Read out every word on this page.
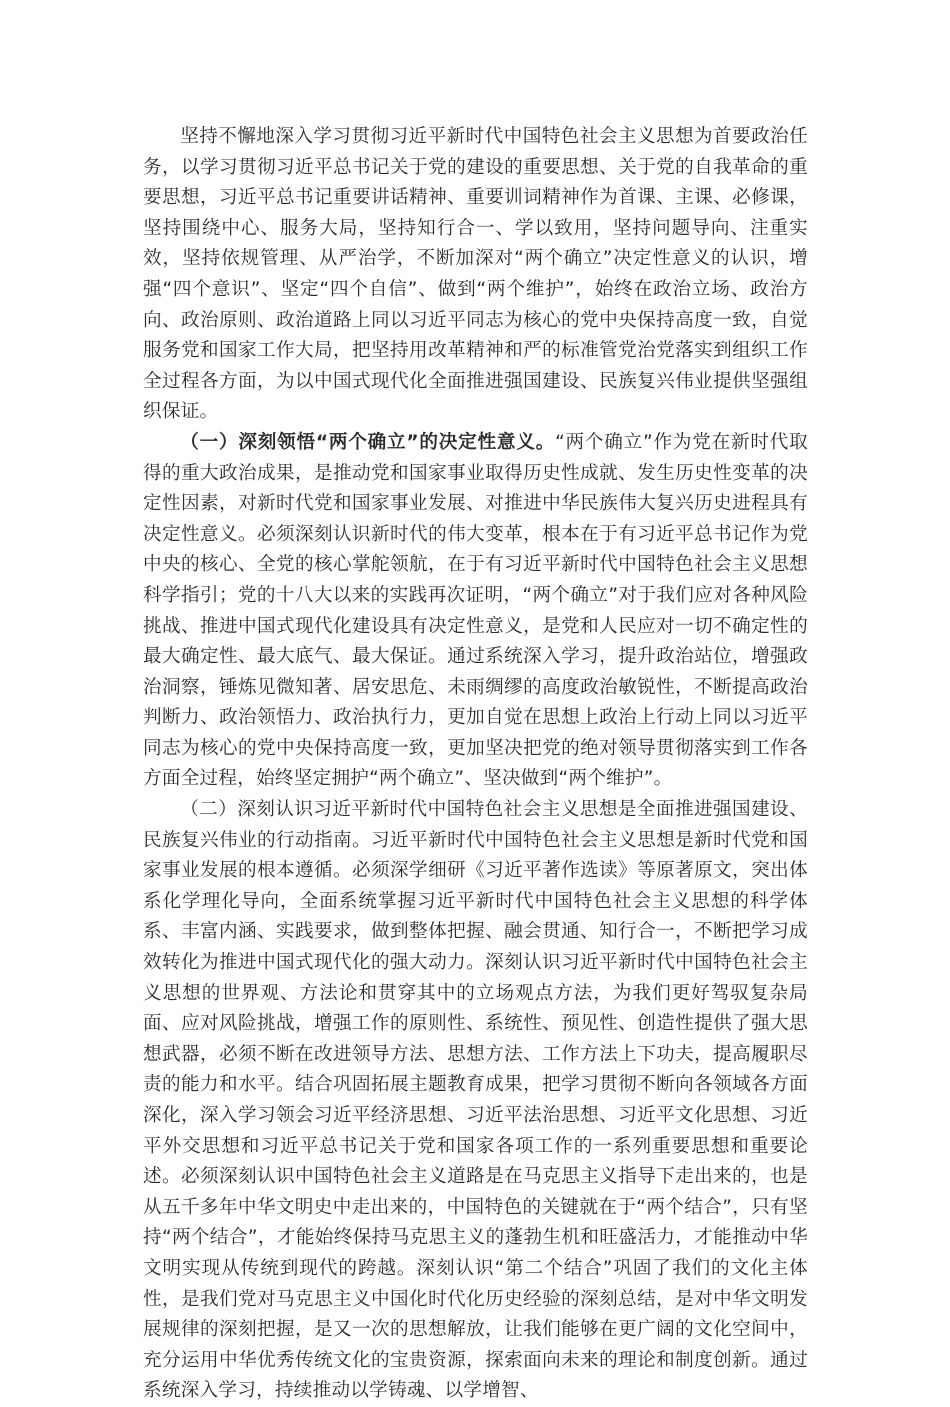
坚持不懈地深入学习贯彻习近平新时代中国特色社会主义思想为首要政治任务，以学习贯彻习近平总书记关于党的建设的重要思想、关于党的自我革命的重要思想，习近平总书记重要讲话精神、重要训词精神作为首课、主课、必修课，坚持围绕中心、服务大局，坚持知行合一、学以致用，坚持问题导向、注重实效，坚持依规管理、从严治学，不断加深对“两个确立”决定性意义的认识，增强“四个意识”、坚定“四个自信”、做到“两个维护”，始终在政治立场、政治方向、政治原则、政治道路上同以习近平同志为核心的党中央保持高度一致，自觉服务党和国家工作大局，把坚持用改革精神和严的标准管党治党落实到组织工作全过程各方面，为以中国式现代化全面推进强国建设、民族复兴伟业提供坚强组织保证。

（一）深刻领悟“两个确立”的决定性意义。“两个确立”作为党在新时代取得的重大政治成果，是推动党和国家事业取得历史性成就、发生历史性变革的决定性因素，对新时代党和国家事业发展、对推进中华民族伟大复兴历史进程具有决定性意义。必须深刻认识新时代的伟大变革，根本在于有习近平总书记作为党中央的核心、全党的核心掌舵领航，在于有习近平新时代中国特色社会主义思想科学指引；党的十八大以来的实践再次证明，“两个确立”对于我们应对各种风险挑战、推进中国式现代化建设具有决定性意义，是党和人民应对一切不确定性的最大确定性、最大底气、最大保证。通过系统深入学习，提升政治站位，增强政治洞察，锤炼见微知著、居安思危、未雨绸缪的高度政治敏锐性，不断提高政治判断力、政治领悟力、政治执行力，更加自觉在思想上政治上行动上同以习近平同志为核心的党中央保持高度一致，更加坚决把党的绝对领导贯彻落实到工作各方面全过程，始终坚定拥护“两个确立”、坚决做到“两个维护”。

（二）深刻认识习近平新时代中国特色社会主义思想是全面推进强国建设、民族复兴伟业的行动指南。习近平新时代中国特色社会主义思想是新时代党和国家事业发展的根本遵循。必须深学细研《习近平著作选读》等原著原文，突出体系化学理化导向，全面系统掌握习近平新时代中国特色社会主义思想的科学体系、丰富内涵、实践要求，做到整体把握、融会贯通、知行合一，不断把学习成效转化为推进中国式现代化的强大动力。深刻认识习近平新时代中国特色社会主义思想的世界观、方法论和贯穿其中的立场观点方法，为我们更好驾驭复杂局面、应对风险挑战，增强工作的原则性、系统性、预见性、创造性提供了强大思想武器，必须不断在改进领导方法、思想方法、工作方法上下功夫，提高履职尽责的能力和水平。结合巩固拓展主题教育成果，把学习贯彻不断向各领域各方面深化，深入学习领会习近平经济思想、习近平法治思想、习近平文化思想、习近平外交思想和习近平总书记关于党和国家各项工作的一系列重要思想和重要论述。必须深刻认识中国特色社会主义道路是在马克思主义指导下走出来的，也是从五千多年中华文明史中走出来的，中国特色的关键就在于“两个结合”，只有坚持“两个结合”，才能始终保持马克思主义的蓬勃生机和旺盛活力，才能推动中华文明实现从传统到现代的跨越。深刻认识“第二个结合”巩固了我们的文化主体性，是我们党对马克思主义中国化时代化历史经验的深刻总结，是对中华文明发展规律的深刻把握，是又一次的思想解放，让我们能够在更广阔的文化空间中，充分运用中华优秀传统文化的宝贵资源，探索面向未来的理论和制度创新。通过系统深入学习，持续推动以学铸魂、以学增智、
